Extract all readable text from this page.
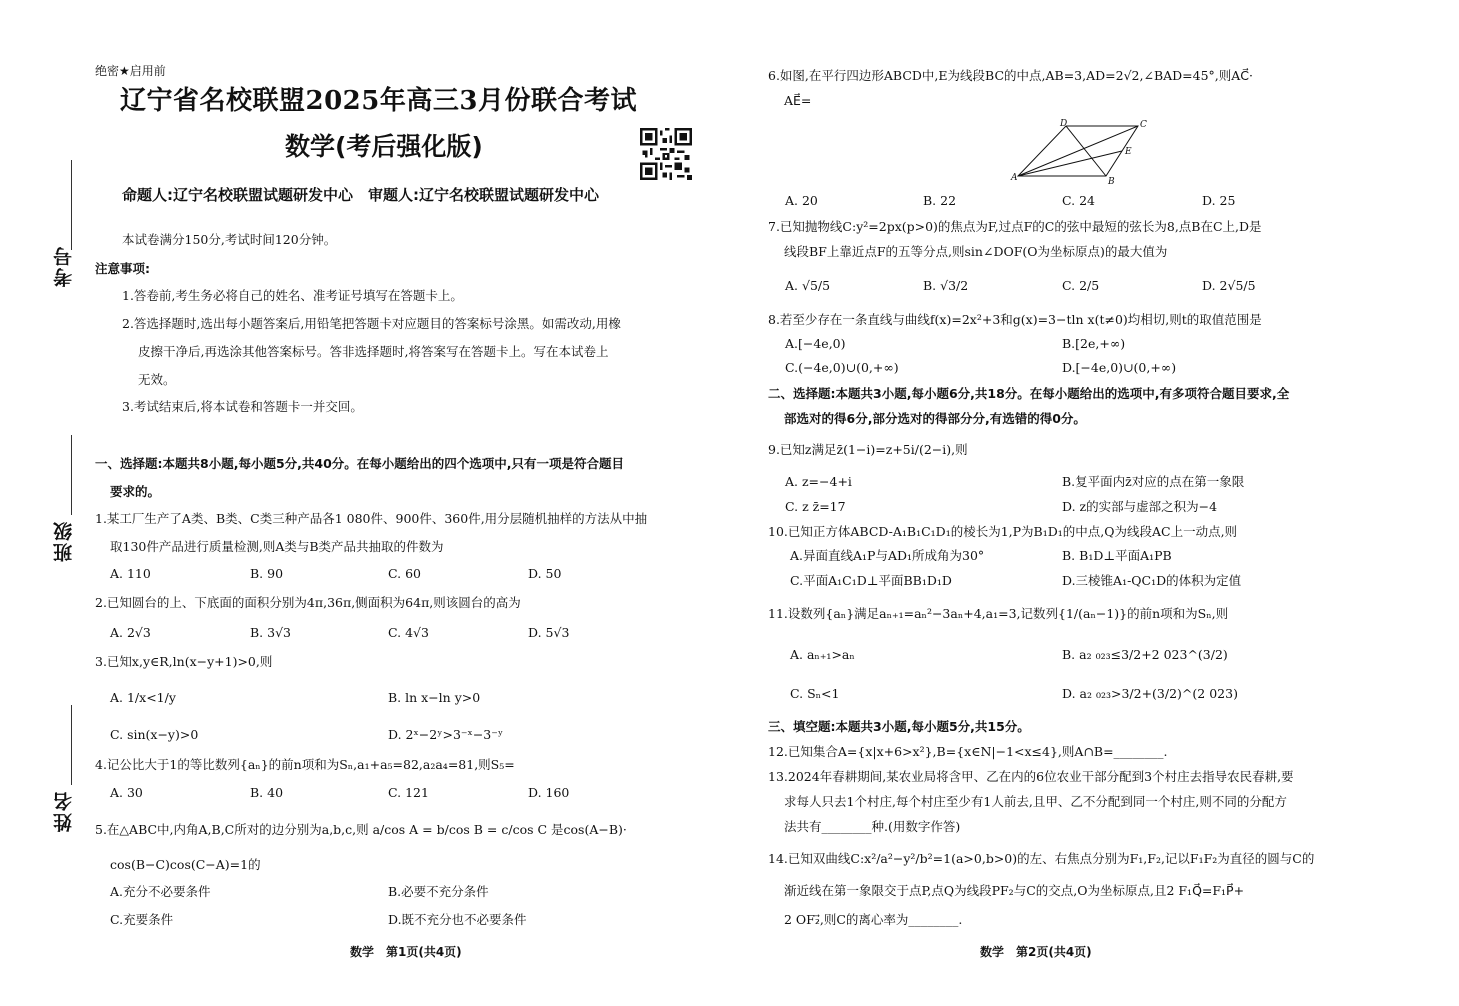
考号
班级
姓名
绝密★启用前
辽宁省名校联盟2025年高三3月份联合考试
数学(考后强化版)
命题人:辽宁名校联盟试题研发中心　审题人:辽宁名校联盟试题研发中心
本试卷满分150分,考试时间120分钟。
注意事项:
1.答卷前,考生务必将自己的姓名、准考证号填写在答题卡上。
2.答选择题时,选出每小题答案后,用铅笔把答题卡对应题目的答案标号涂黑。如需改动,用橡
皮擦干净后,再选涂其他答案标号。答非选择题时,将答案写在答题卡上。写在本试卷上
无效。
3.考试结束后,将本试卷和答题卡一并交回。
一、选择题:本题共8小题,每小题5分,共40分。在每小题给出的四个选项中,只有一项是符合题目
要求的。
1.某工厂生产了A类、B类、C类三种产品各1 080件、900件、360件,用分层随机抽样的方法从中抽
取130件产品进行质量检测,则A类与B类产品共抽取的件数为
A. 110	B. 90	C. 60	D. 50
2.已知圆台的上、下底面的面积分别为4π,36π,侧面积为64π,则该圆台的高为
A. 2√3	B. 3√3	C. 4√3	D. 5√3
3.已知x,y∈R,ln(x−y+1)>0,则
A. 1/x<1/y	B. ln x−ln y>0
C. sin(x−y)>0	D. 2ˣ−2ʸ>3⁻ˣ−3⁻ʸ
4.记公比大于1的等比数列{aₙ}的前n项和为Sₙ,a₁+a₅=82,a₂a₄=81,则S₅=
A. 30	B. 40	C. 121	D. 160
5.在△ABC中,内角A,B,C所对的边分别为a,b,c,则 a/cos A = b/cos B = c/cos C 是cos(A−B)·
cos(B−C)cos(C−A)=1的
A.充分不必要条件	B.必要不充分条件
C.充要条件	D.既不充分也不必要条件
数学　第1页(共4页)
6.如图,在平行四边形ABCD中,E为线段BC的中点,AB=3,AD=2√2,∠BAD=45°,则AC⃗·
AE⃗=
A. 20	B. 22	C. 24	D. 25
7.已知抛物线C:y²=2px(p>0)的焦点为F,过点F的C的弦中最短的弦长为8,点B在C上,D是
线段BF上靠近点F的五等分点,则sin∠DOF(O为坐标原点)的最大值为
A. √5/5	B. √3/2	C. 2/5	D. 2√5/5
8.若至少存在一条直线与曲线f(x)=2x²+3和g(x)=3−tln x(t≠0)均相切,则t的取值范围是
A.[−4e,0)	B.[2e,+∞)
C.(−4e,0)∪(0,+∞)	D.[−4e,0)∪(0,+∞)
二、选择题:本题共3小题,每小题6分,共18分。在每小题给出的选项中,有多项符合题目要求,全
部选对的得6分,部分选对的得部分分,有选错的得0分。
9.已知z满足z̄(1−i)=z+5i/(2−i),则
A. z=−4+i	B.复平面内z̄对应的点在第一象限
C. z z̄=17	D. z的实部与虚部之积为−4
10.已知正方体ABCD-A₁B₁C₁D₁的棱长为1,P为B₁D₁的中点,Q为线段AC上一动点,则
A.异面直线A₁P与AD₁所成角为30°	B. B₁D⊥平面A₁PB
C.平面A₁C₁D⊥平面BB₁D₁D	D.三棱锥A₁-QC₁D的体积为定值
11.设数列{aₙ}满足aₙ₊₁=aₙ²−3aₙ+4,a₁=3,记数列{1/(aₙ−1)}的前n项和为Sₙ,则
A. aₙ₊₁>aₙ	B. a₂ ₀₂₃≤3/2+2 023^(3/2)
C. Sₙ<1	D. a₂ ₀₂₃>3/2+(3/2)^(2 023)
三、填空题:本题共3小题,每小题5分,共15分。
12.已知集合A={x|x+6>x²},B={x∈N|−1<x≤4},则A∩B=________.
13.2024年春耕期间,某农业局将含甲、乙在内的6位农业干部分配到3个村庄去指导农民春耕,要
求每人只去1个村庄,每个村庄至少有1人前去,且甲、乙不分配到同一个村庄,则不同的分配方
法共有________种.(用数字作答)
14.已知双曲线C:x²/a²−y²/b²=1(a>0,b>0)的左、右焦点分别为F₁,F₂,记以F₁F₂为直径的圆与C的
渐近线在第一象限交于点P,点Q为线段PF₂与C的交点,O为坐标原点,且2 F₁Q⃗=F₁P⃗+
2 OF₂⃗,则C的离心率为________.
数学　第2页(共4页)
A	B
C
D
E
